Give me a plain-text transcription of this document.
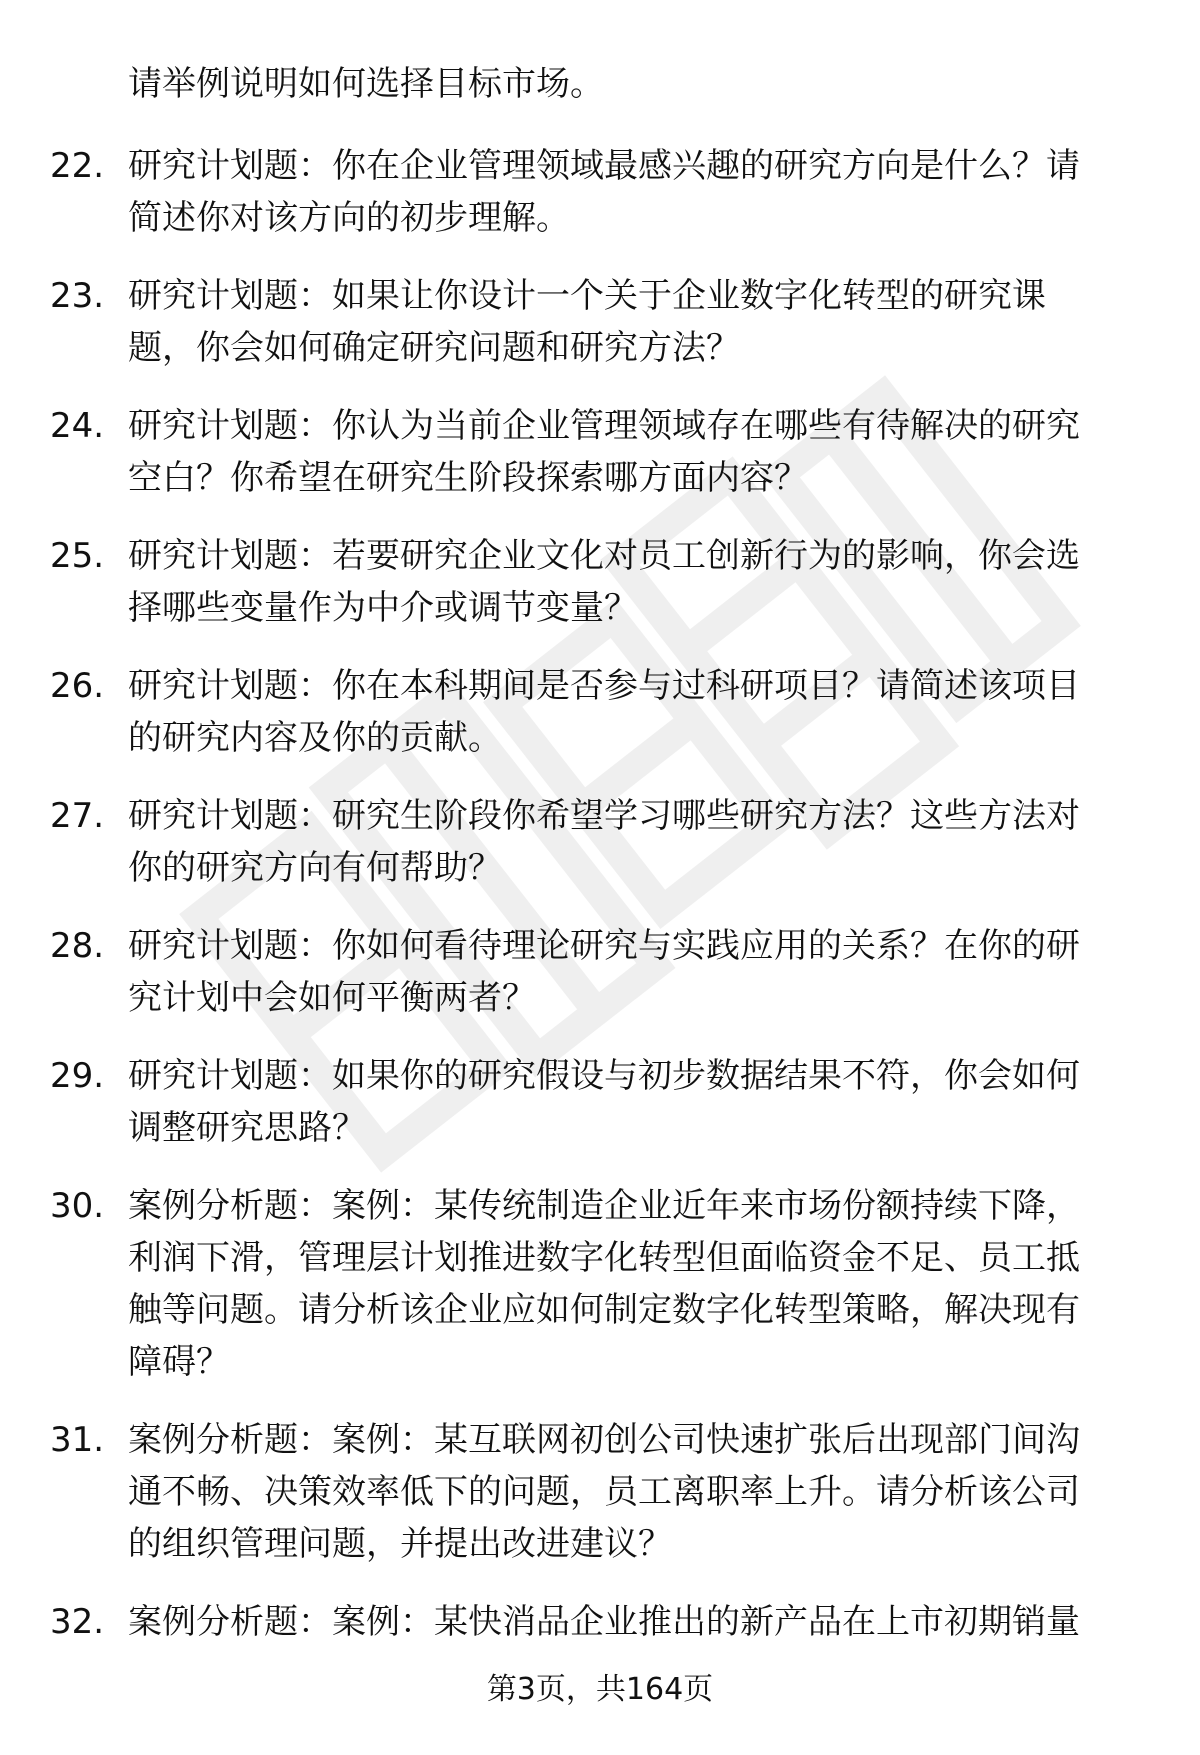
请举例说明如何选择目标市场。
22. 研究计划题：你在企业管理领域最感兴趣的研究方向是什么？请
简述你对该方向的初步理解。
23. 研究计划题：如果让你设计一个关于企业数字化转型的研究课
题，你会如何确定研究问题和研究方法？
24. 研究计划题：你认为当前企业管理领域存在哪些有待解决的研究
空白？你希望在研究生阶段探索哪方面内容？
25. 研究计划题：若要研究企业文化对员工创新行为的影响，你会选
择哪些变量作为中介或调节变量？
26. 研究计划题：你在本科期间是否参与过科研项目？请简述该项目
的研究内容及你的贡献。
27. 研究计划题：研究生阶段你希望学习哪些研究方法？这些方法对
你的研究方向有何帮助？
28. 研究计划题：你如何看待理论研究与实践应用的关系？在你的研
究计划中会如何平衡两者？
29. 研究计划题：如果你的研究假设与初步数据结果不符，你会如何
调整研究思路？
30. 案例分析题：案例：某传统制造企业近年来市场份额持续下降，
利润下滑，管理层计划推进数字化转型但面临资金不足、员工抵
触等问题。请分析该企业应如何制定数字化转型策略，解决现有
障碍？
31. 案例分析题：案例：某互联网初创公司快速扩张后出现部门间沟
通不畅、决策效率低下的问题，员工离职率上升。请分析该公司
的组织管理问题，并提出改进建议？
32. 案例分析题：案例：某快消品企业推出的新产品在上市初期销量
第3页，共164页
